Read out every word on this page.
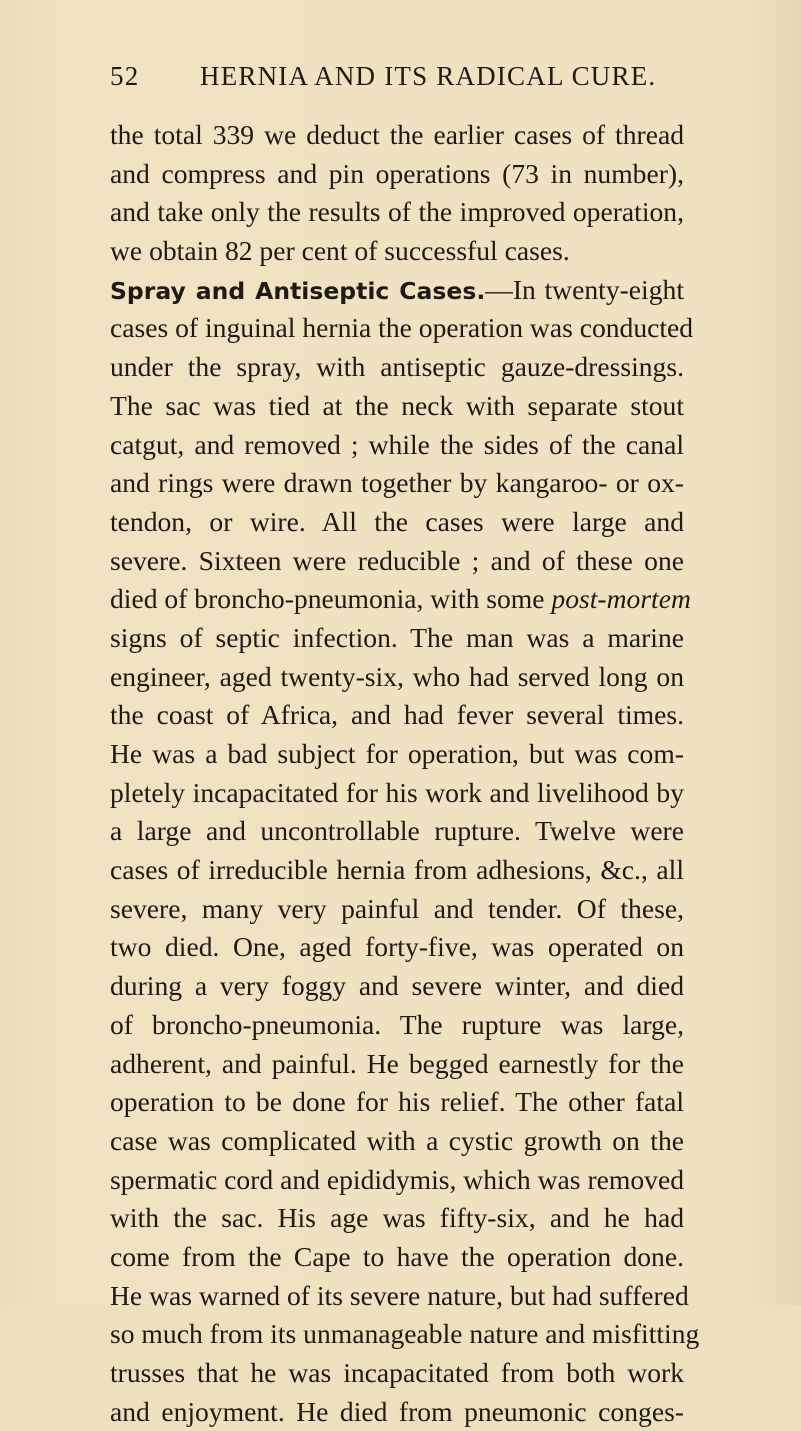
52 HERNIA AND ITS RADICAL CURE.
the total 339 we deduct the earlier cases of thread
and compress and pin operations (73 in number),
and take only the results of the improved operation,
we obtain 82 per cent of successful cases.
Spray and Antiseptic Cases.—In twenty-eight
cases of inguinal hernia the operation was conducted
under the spray, with antiseptic gauze-dressings.
The sac was tied at the neck with separate stout
catgut, and removed ; while the sides of the canal
and rings were drawn together by kangaroo- or ox-
tendon, or wire. All the cases were large and
severe. Sixteen were reducible ; and of these one
died of broncho-pneumonia, with some post-mortem
signs of septic infection. The man was a marine
engineer, aged twenty-six, who had served long on
the coast of Africa, and had fever several times.
He was a bad subject for operation, but was com-
pletely incapacitated for his work and livelihood by
a large and uncontrollable rupture. Twelve were
cases of irreducible hernia from adhesions, &c., all
severe, many very painful and tender. Of these,
two died. One, aged forty-five, was operated on
during a very foggy and severe winter, and died
of broncho-pneumonia. The rupture was large,
adherent, and painful. He begged earnestly for the
operation to be done for his relief. The other fatal
case was complicated with a cystic growth on the
spermatic cord and epididymis, which was removed
with the sac. His age was fifty-six, and he had
come from the Cape to have the operation done.
He was warned of its severe nature, but had suffered
so much from its unmanageable nature and misfitting
trusses that he was incapacitated from both work
and enjoyment. He died from pneumonic conges-
